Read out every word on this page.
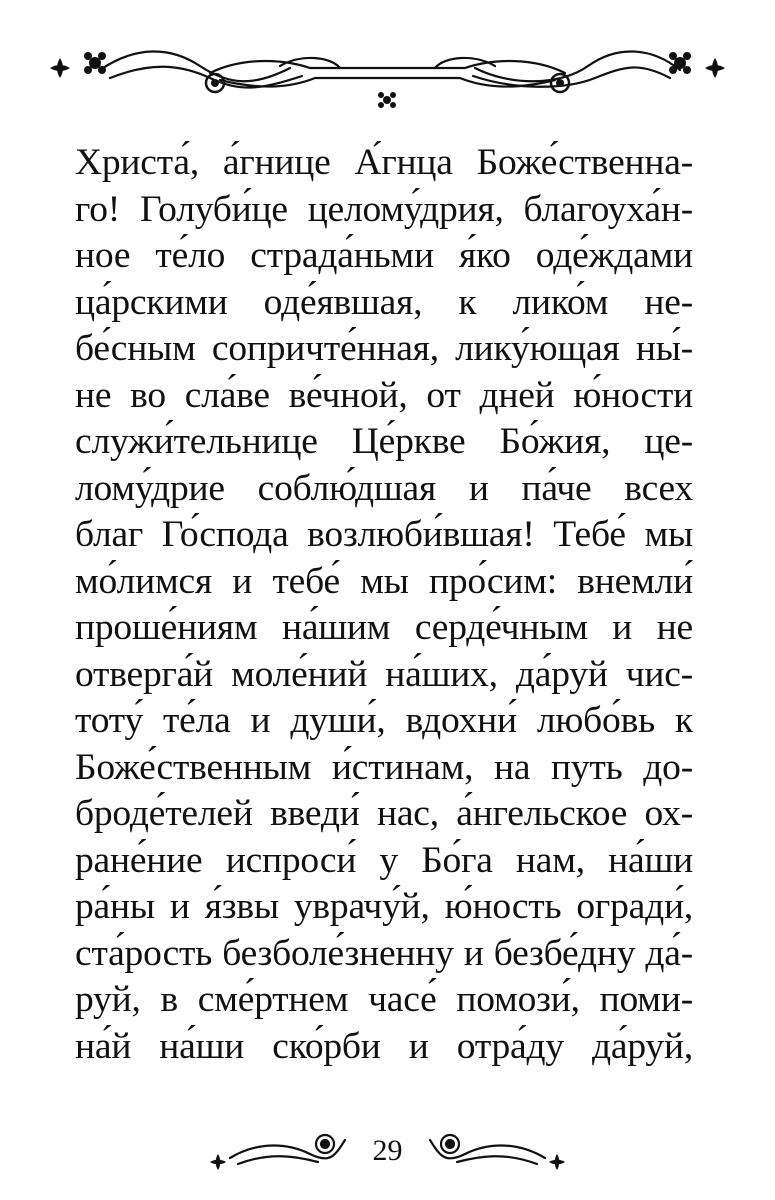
Христа́, а́гнице А́гнца Боже́ственна-
го! Голуби́це целому́дрия, благоуха́н-
ное те́ло страда́ньми я́ко оде́ждами
ца́рскими оде́явшая, к лико́м не-
бе́сным сопричте́нная, лику́ющая ны́-
не во сла́ве ве́чной, от дней ю́ности
служи́тельнице Це́ркве Бо́жия, це-
лому́дрие соблю́дшая и па́че всех
благ Го́спода возлюби́вшая! Тебе́ мы
мо́лимся и тебе́ мы про́сим: внемли́
проше́ниям на́шим серде́чным и не
отверга́й моле́ний на́ших, да́руй чис-
тоту́ те́ла и души́, вдохни́ любо́вь к
Боже́ственным и́стинам, на путь до-
броде́телей введи́ нас, а́нгельское ох-
ране́ние испроси́ у Бо́га нам, на́ши
ра́ны и я́звы уврачу́й, ю́ность огради́,
ста́рость безболе́зненну и безбе́дну да́-
руй, в сме́ртнем часе́ помози́, поми-
на́й на́ши ско́рби и отра́ду да́руй,
29
